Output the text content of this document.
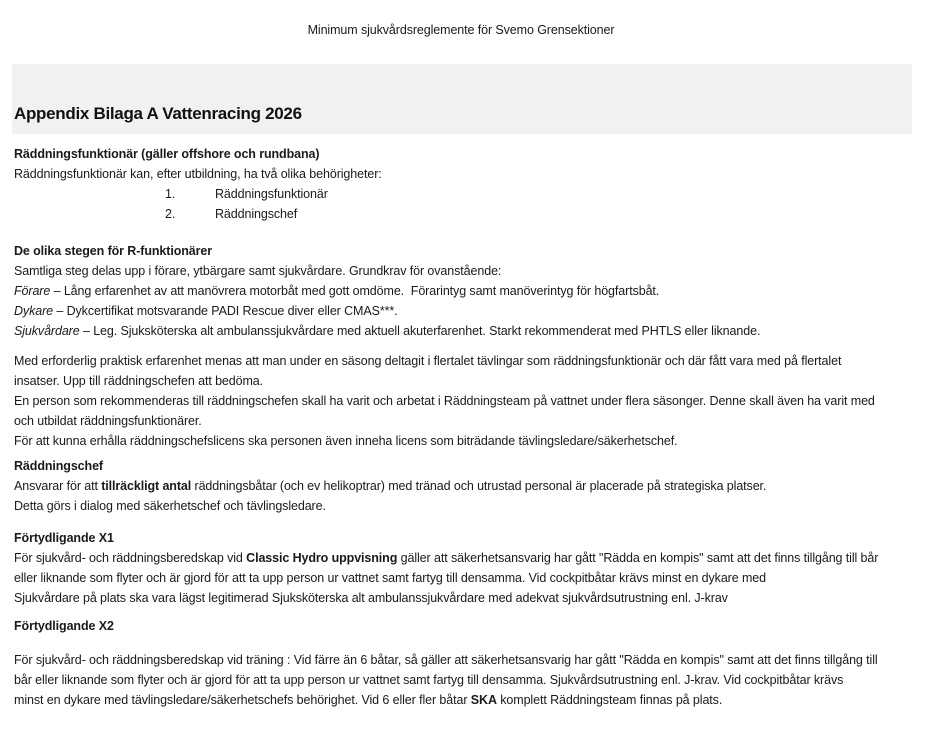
Minimum sjukvårdsreglemente för Svemo Grensektioner
Appendix Bilaga A Vattenracing 2026
Räddningsfunktionär (gäller offshore och rundbana)
Räddningsfunktionär kan, efter utbildning, ha två olika behörigheter:
1.	Räddningsfunktionär
2.	Räddningschef
De olika stegen för R-funktionärer
Samtliga steg delas upp i förare, ytbärgare samt sjukvårdare. Grundkrav för ovanstående:
Förare – Lång erfarenhet av att manövrera motorbåt med gott omdöme.  Förarintyg samt manöverintyg för högfartsbåt.
Dykare – Dykcertifikat motsvarande PADI Rescue diver eller CMAS***.
Sjukvårdare – Leg. Sjuksköterska alt ambulanssjukvårdare med aktuell akuterfarenhet. Starkt rekommenderat med PHTLS eller liknande.
Med erforderlig praktisk erfarenhet menas att man under en säsong deltagit i flertalet tävlingar som räddningsfunktionär och där fått vara med på flertalet
insatser. Upp till räddningschefen att bedöma.
En person som rekommenderas till räddningschefen skall ha varit och arbetat i Räddningsteam på vattnet under flera säsonger. Denne skall även ha varit med
och utbildat räddningsfunktionärer.
För att kunna erhålla räddningschefslicens ska personen även inneha licens som biträdande tävlingsledare/säkerhetschef.
Räddningschef
Ansvarar för att tillräckligt antal räddningsbåtar (och ev helikoptrar) med tränad och utrustad personal är placerade på strategiska platser.
Detta görs i dialog med säkerhetschef och tävlingsledare.
Förtydligande X1
För sjukvård- och räddningsberedskap vid Classic Hydro uppvisning gäller att säkerhetsansvarig har gått "Rädda en kompis" samt att det finns tillgång till bår
eller liknande som flyter och är gjord för att ta upp person ur vattnet samt fartyg till densamma. Vid cockpitbåtar krävs minst en dykare med
Sjukvårdare på plats ska vara lägst legitimerad Sjuksköterska alt ambulanssjukvårdare med adekvat sjukvårdsutrustning enl. J-krav
Förtydligande X2
För sjukvård- och räddningsberedskap vid träning : Vid färre än 6 båtar, så gäller att säkerhetsansvarig har gått "Rädda en kompis" samt att det finns tillgång till
bår eller liknande som flyter och är gjord för att ta upp person ur vattnet samt fartyg till densamma. Sjukvårdsutrustning enl. J-krav. Vid cockpitbåtar krävs
minst en dykare med tävlingsledare/säkerhetschefs behörighet. Vid 6 eller fler båtar SKA komplett Räddningsteam finnas på plats.
